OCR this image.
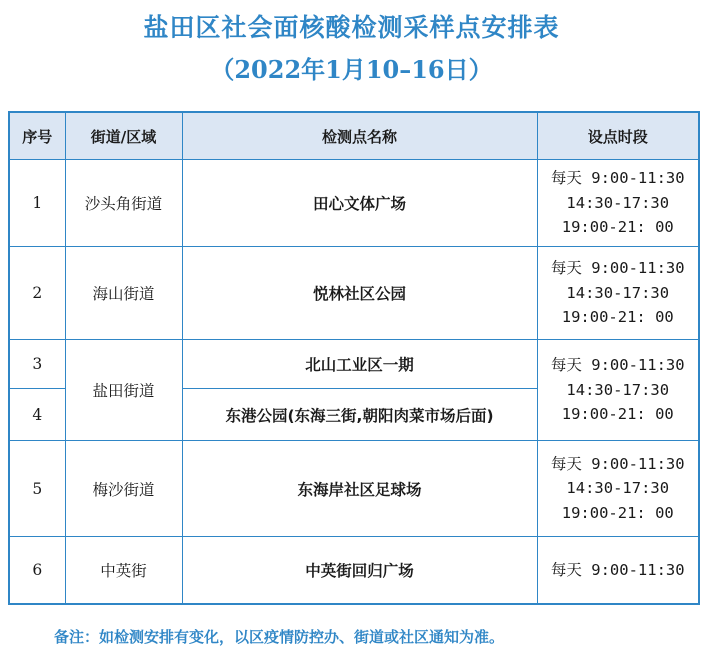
盐田区社会面核酸检测采样点安排表
（2022年1月10–16日）
序号	街道/区域	检测点名称	设点时段
1	沙头角街道	田心文体广场	每天 9:00-11:30
14:30-17:30
19:00-21: 00

2	海山街道	悦林社区公园	每天 9:00-11:30
14:30-17:30
19:00-21: 00

3	盐田街道	北山工业区一期	每天 9:00-11:30
14:30-17:30
19:00-21: 00

4		东港公园(东海三街,朝阳肉菜市场后面)	
5	梅沙街道	东海岸社区足球场	每天 9:00-11:30
14:30-17:30
19:00-21: 00

6	中英街	中英街回归广场	每天 9:00-11:30
备注：如检测安排有变化，以区疫情防控办、街道或社区通知为准。
